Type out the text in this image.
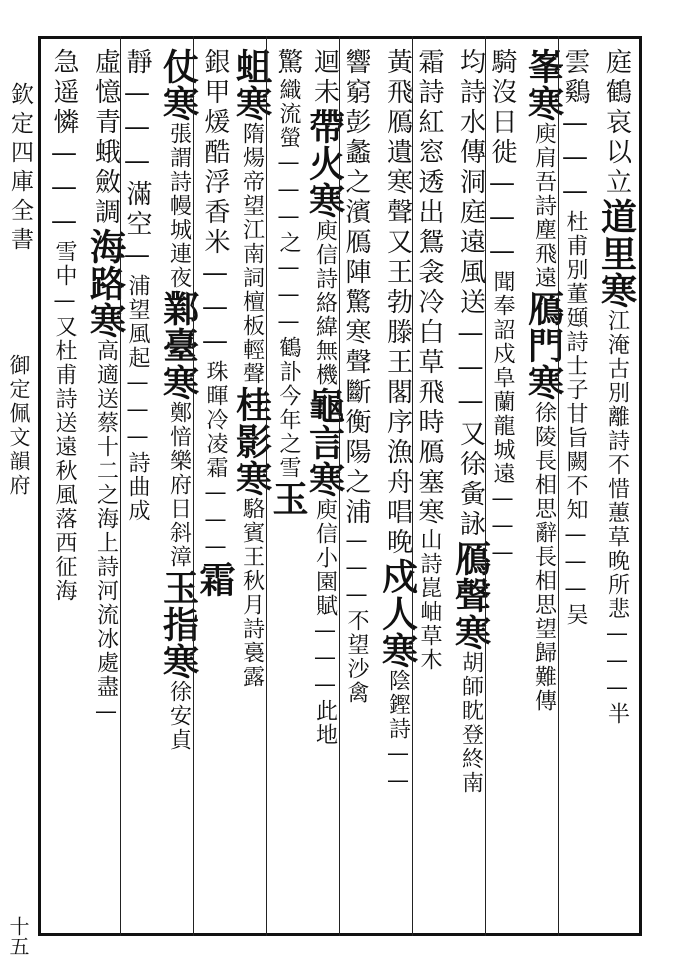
欽定四庫全書
御定佩文韻府
十五
庭鶴哀以立道里寒江淹古別離詩不惜蕙草晚所悲———半
雲鷄———杜甫別董頲詩士子甘旨闕不知———吴
峯寒庾肩吾詩塵飛遠鴈門寒徐陵長相思辭長相思望歸難傳
騎沒日徙———聞奉詔戍阜蘭龍城遠———
均詩水傳洞庭遠風送———又徐夤詠鴈聲寒胡師眈登終南
霜詩紅窓透出鴛衾冷白草飛時鴈塞寒山詩崑岫草木
黃飛鴈遺寒聲又王勃滕王閣序漁舟唱晚戍人寒陰鏗詩——
響窮彭蠡之濱鴈陣驚寒聲斷衡陽之浦———不望沙禽
迴未帶火寒庾信詩絡緯無機龜言寒庾信小園賦———此地
驚織流螢———之———鶴訃今年之雪玉
蛆寒隋煬帝望江南詞檀板輕聲桂影寒駱賓王秋月詩裛露
銀甲煖酷浮香米———珠暉冷凌霜———霜
仗寒張謂詩幔城連夜鄴臺寒鄭愔樂府日斜漳玉指寒徐安貞
靜———滿空—浦望風起———詩曲成
虛憶青蛾斂調海路寒高適送蔡十二之海上詩河流冰處盡—
急遥憐———雪中—又杜甫詩送遠秋風落西征海
